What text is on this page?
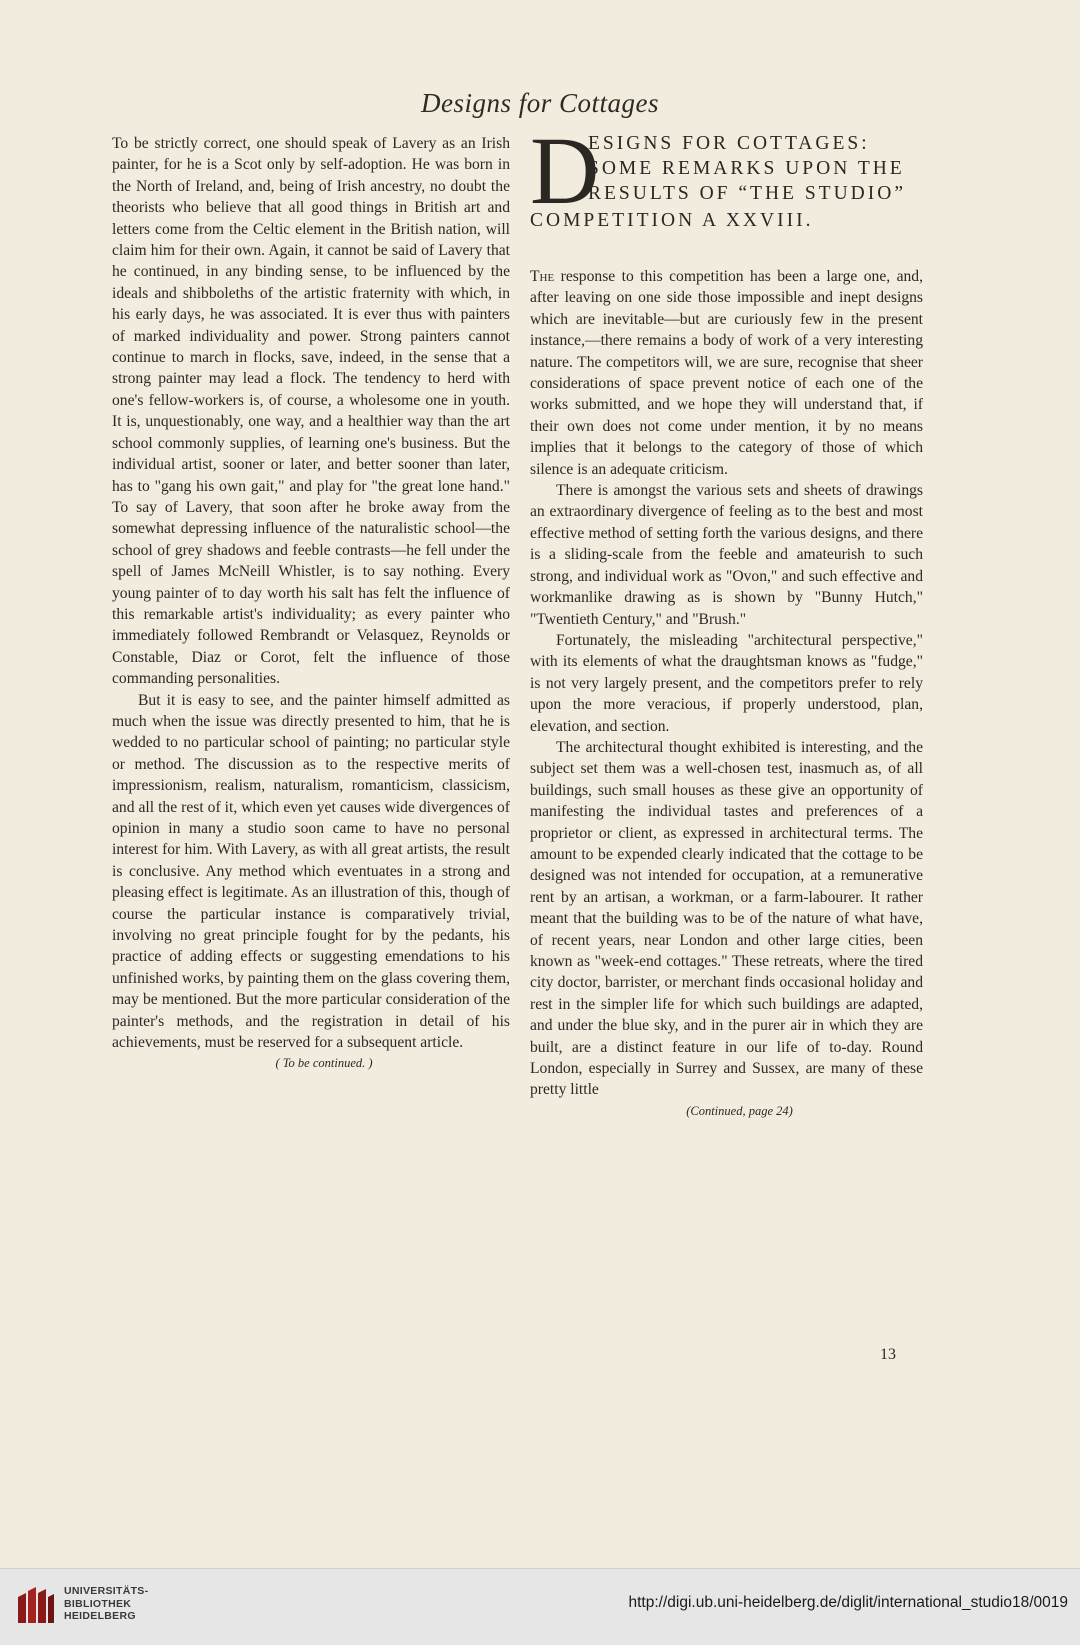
Designs for Cottages

To be strictly correct, one should speak of Lavery as an Irish painter, for he is a Scot only by self-adoption. He was born in the North of Ireland, and, being of Irish ancestry, no doubt the theorists who believe that all good things in British art and letters come from the Celtic element in the British nation, will claim him for their own. Again, it cannot be said of Lavery that he continued, in any binding sense, to be influenced by the ideals and shibboleths of the artistic fraternity with which, in his early days, he was associated. It is ever thus with painters of marked individuality and power. Strong painters cannot continue to march in flocks, save, indeed, in the sense that a strong painter may lead a flock. The tendency to herd with one's fellow-workers is, of course, a wholesome one in youth. It is, unquestionably, one way, and a healthier way than the art school commonly supplies, of learning one's business. But the individual artist, sooner or later, and better sooner than later, has to "gang his own gait," and play for "the great lone hand." To say of Lavery, that soon after he broke away from the somewhat depressing influence of the naturalistic school—the school of grey shadows and feeble contrasts—he fell under the spell of James McNeill Whistler, is to say nothing. Every young painter of to day worth his salt has felt the influence of this remarkable artist's individuality; as every painter who immediately followed Rembrandt or Velasquez, Reynolds or Constable, Diaz or Corot, felt the influence of those commanding personalities.

But it is easy to see, and the painter himself admitted as much when the issue was directly presented to him, that he is wedded to no particular school of painting; no particular style or method. The discussion as to the respective merits of impressionism, realism, naturalism, romanticism, classicism, and all the rest of it, which even yet causes wide divergences of opinion in many a studio soon came to have no personal interest for him. With Lavery, as with all great artists, the result is conclusive. Any method which eventuates in a strong and pleasing effect is legitimate. As an illustration of this, though of course the particular instance is comparatively trivial, involving no great principle fought for by the pedants, his practice of adding effects or suggesting emendations to his unfinished works, by painting them on the glass covering them, may be mentioned. But the more particular consideration of the painter's methods, and the registration in detail of his achievements, must be reserved for a subsequent article.

( To be continued. )

D
ESIGNS FOR COTTAGES:
SOME REMARKS UPON THE
RESULTS OF “THE STUDIO”
COMPETITION A XXVIII.

The response to this competition has been a large one, and, after leaving on one side those impossible and inept designs which are inevitable—but are curiously few in the present instance,—there remains a body of work of a very interesting nature. The competitors will, we are sure, recognise that sheer considerations of space prevent notice of each one of the works submitted, and we hope they will understand that, if their own does not come under mention, it by no means implies that it belongs to the category of those of which silence is an adequate criticism.

There is amongst the various sets and sheets of drawings an extraordinary divergence of feeling as to the best and most effective method of setting forth the various designs, and there is a sliding-scale from the feeble and amateurish to such strong, and individual work as "Ovon," and such effective and workmanlike drawing as is shown by "Bunny Hutch," "Twentieth Century," and "Brush."

Fortunately, the misleading "architectural perspective," with its elements of what the draughtsman knows as "fudge," is not very largely present, and the competitors prefer to rely upon the more veracious, if properly understood, plan, elevation, and section.

The architectural thought exhibited is interesting, and the subject set them was a well-chosen test, inasmuch as, of all buildings, such small houses as these give an opportunity of manifesting the individual tastes and preferences of a proprietor or client, as expressed in architectural terms. The amount to be expended clearly indicated that the cottage to be designed was not intended for occupation, at a remunerative rent by an artisan, a workman, or a farm-labourer. It rather meant that the building was to be of the nature of what have, of recent years, near London and other large cities, been known as "week-end cottages." These retreats, where the tired city doctor, barrister, or merchant finds occasional holiday and rest in the simpler life for which such buildings are adapted, and under the blue sky, and in the purer air in which they are built, are a distinct feature in our life of to-day. Round London, especially in Surrey and Sussex, are many of these pretty little

(Continued, page 24)

13
UNIVERSITÄTS-
BIBLIOTHEK
HEIDELBERG
http://digi.ub.uni-heidelberg.de/diglit/international_studio18/0019
